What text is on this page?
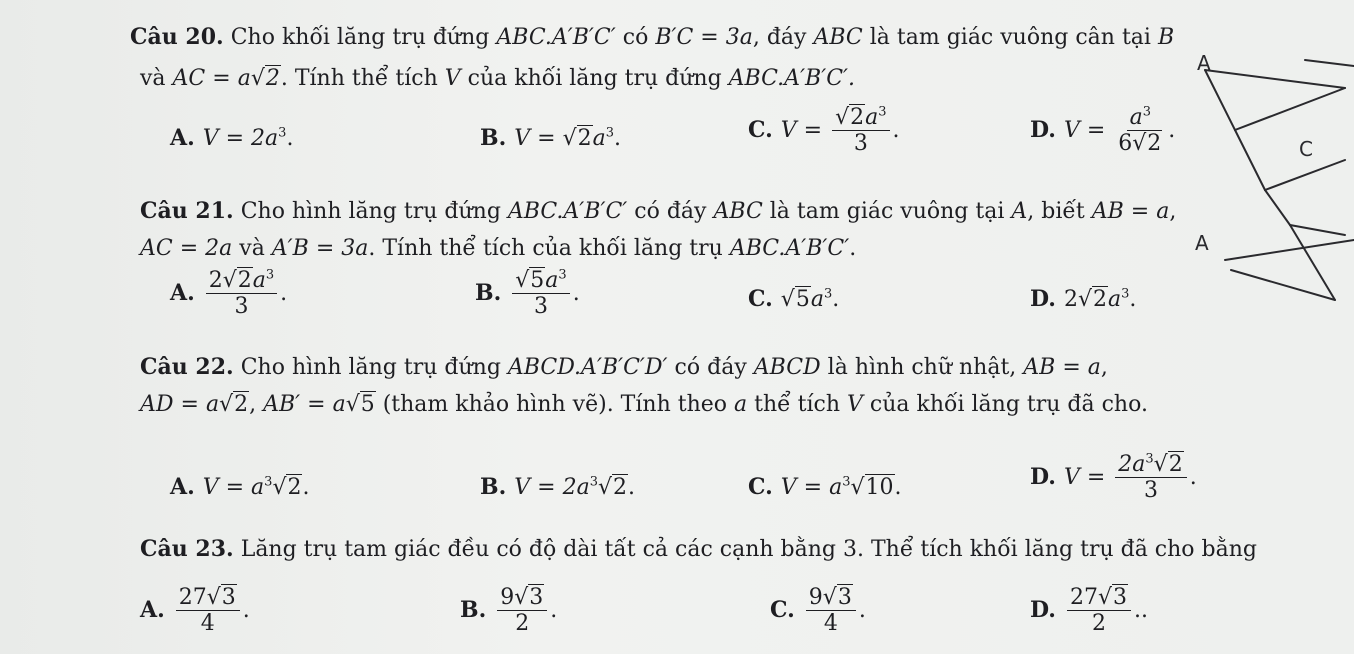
Câu 20. Cho khối lăng trụ đứng ABC.A′B′C′ có B′C = 3a, đáy ABC là tam giác vuông cân tại B
và AC = a√2. Tính thể tích V của khối lăng trụ đứng ABC.A′B′C′.
A. $V = 2a^3$.	B. $V = √2a^3$.	C. $V = \frac{√2a^3}{3}$ .	D. $V = \frac{a^3}{6√2}$ .
Câu 21. Cho hình lăng trụ đứng ABC.A′B′C′ có đáy ABC là tam giác vuông tại A, biết AB = a,
AC = 2a và A′B = 3a. Tính thể tích của khối lăng trụ ABC.A′B′C′.
A. $\frac{2√2a^3}{3}$ .	B. $\frac{√5a^3}{3}$ .	C. $√5a^3$.	D. $2√2a^3$.
Câu 22. Cho hình lăng trụ đứng ABCD.A′B′C′D′ có đáy ABCD là hình chữ nhật, AB = a,
AD = a√2, AB′ = a√5 (tham khảo hình vẽ). Tính theo a thể tích V của khối lăng trụ đã cho.
A. $V = a^3√2$.	B. $V = 2a^3√2$.	C. $V = a^3√10$.	D. $V = \frac{2a^3√2}{3}$ .
Câu 23. Lăng trụ tam giác đều có độ dài tất cả các cạnh bằng 3. Thể tích khối lăng trụ đã cho bằng
A. $\frac{27√3}{4}$ .	B. $\frac{9√3}{2}$ .	C. $\frac{9√3}{4}$ .	D. $\frac{27√3}{2}$ ..
A
C
A
